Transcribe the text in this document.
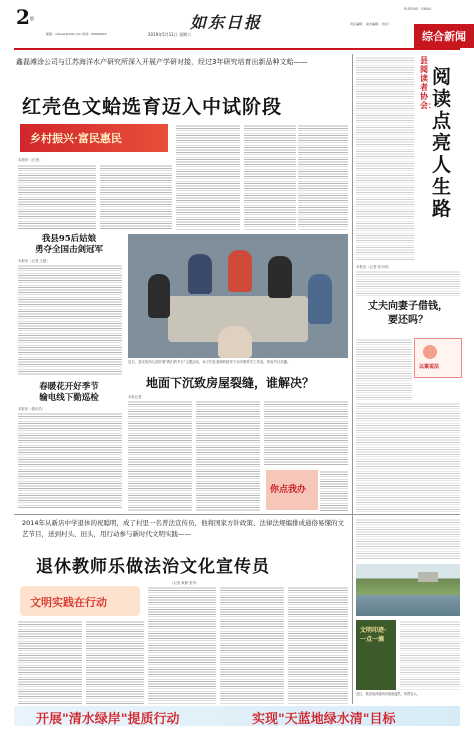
2 版
2019年5月11日 星期六
责任编辑： 美术编辑： 校对：
邮箱：rdrbsw@126.com 热线：80666023
如东日报
RUDONG · RIBAO
综合新闻
鑫磊滩涂公司与江苏海洋水产研究所深入开展产学研对接，经过3年研究培育出新品种文蛤——
红壳色文蛤选育迈入中试阶段
乡村振兴·富民惠民
本报讯（记者）
县阅读者协会：
阅读点亮人生路
本报讯（记者 张小明）
丈夫向妻子借钱，
要还吗？
以案说法
我县95后姑娘
勇夺全国击剑冠军
本报讯（记者 王超）
春暖花开好季节
输电线下勤巡检
本报讯（通讯员）
近日，县实验幼儿园开展"我们的节日"主题活动，孩子们在老师的指导下动手制作手工作品，体验节日乐趣。
地面下沉致房屋裂缝，谁解决？
本报记者
你点我办
2014年从新店中学退休的祝聪明，成了村里一名普法宣传员，他将国家方针政策、法律法规编排成通俗易懂的文艺节目，送到村头、田头，用行动参与新时代文明实践——
退休教师乐做法治文化宣传员
（记者 黄静 张华）
文明实践在行动
文明印迹·一点一滴
近日，我县某河道两岸绿意盎然，风景宜人。
开展"清水绿岸"提质行动	实现"天蓝地绿水清"目标
